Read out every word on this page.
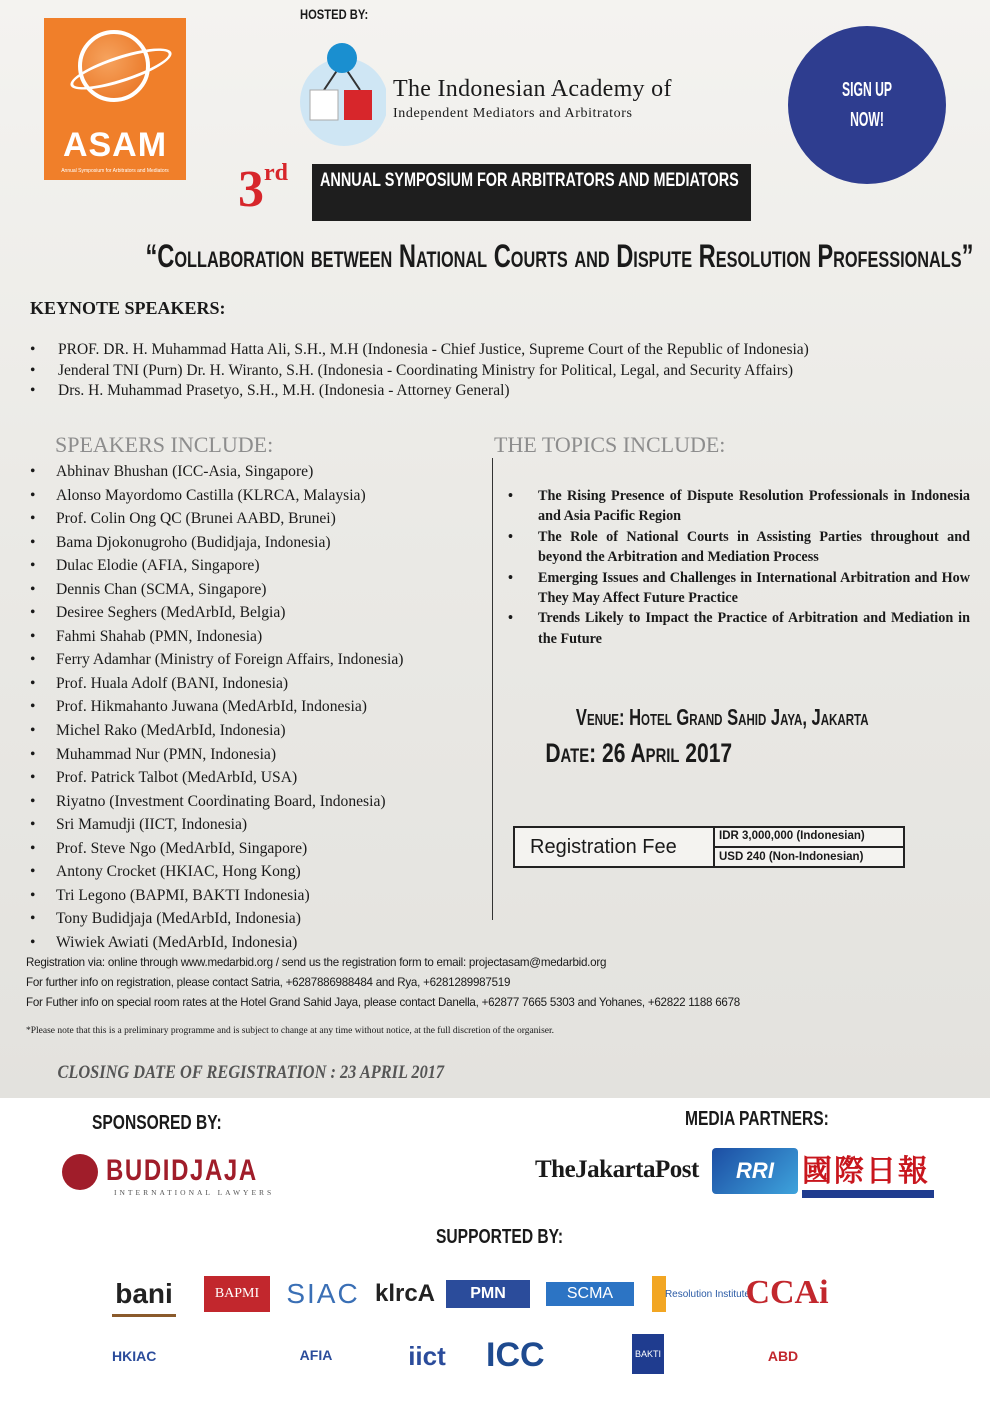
ASAM
Annual Symposium for Arbitrators and Mediators
HOSTED BY:
The Indonesian Academy of
Independent Mediators and Arbitrators
SIGN UP
NOW!
3rd ANNUAL SYMPOSIUM FOR ARBITRATORS AND MEDIATORS
“Collaboration between National Courts and Dispute Resolution Professionals”
KEYNOTE SPEAKERS:
• PROF. DR. H. Muhammad Hatta Ali, S.H., M.H (Indonesia - Chief Justice, Supreme Court of the Republic of Indonesia)
• Jenderal TNI (Purn) Dr. H. Wiranto, S.H. (Indonesia - Coordinating Ministry for Political, Legal, and Security Affairs)
• Drs. H. Muhammad Prasetyo, S.H., M.H. (Indonesia - Attorney General)
SPEAKERS INCLUDE:
• Abhinav Bhushan (ICC-Asia, Singapore)
• Alonso Mayordomo Castilla (KLRCA, Malaysia)
• Prof. Colin Ong QC (Brunei AABD, Brunei)
• Bama Djokonugroho (Budidjaja, Indonesia)
• Dulac Elodie (AFIA, Singapore)
• Dennis Chan (SCMA, Singapore)
• Desiree Seghers (MedArbId, Belgia)
• Fahmi Shahab (PMN, Indonesia)
• Ferry Adamhar (Ministry of Foreign Affairs, Indonesia)
• Prof. Huala Adolf (BANI, Indonesia)
• Prof. Hikmahanto Juwana (MedArbId, Indonesia)
• Michel Rako (MedArbId, Indonesia)
• Muhammad Nur (PMN, Indonesia)
• Prof. Patrick Talbot (MedArbId, USA)
• Riyatno (Investment Coordinating Board, Indonesia)
• Sri Mamudji (IICT, Indonesia)
• Prof. Steve Ngo (MedArbId, Singapore)
• Antony Crocket (HKIAC, Hong Kong)
• Tri Legono (BAPMI, BAKTI Indonesia)
• Tony Budidjaja (MedArbId, Indonesia)
• Wiwiek Awiati (MedArbId, Indonesia)
THE TOPICS INCLUDE:
• The Rising Presence of Dispute Resolution Professionals in Indonesia and Asia Pacific Region
• The Role of National Courts in Assisting Parties throughout and beyond the Arbitration and Mediation Process
• Emerging Issues and Challenges in International Arbitration and How They May Affect Future Practice
• Trends Likely to Impact the Practice of Arbitration and Mediation in the Future
Venue: Hotel Grand Sahid Jaya, Jakarta
Date: 26 April 2017
Registration Fee	IDR 3,000,000 (Indonesian)
USD 240 (Non-Indonesian)
Registration via: online through www.medarbid.org / send us the registration form to email: projectasam@medarbid.org
For further info on registration, please contact Satria, +6287886988484 and Rya, +6281289987519
For Futher info on special room rates at the Hotel Grand Sahid Jaya, please contact Danella, +62877 7665 5303 and Yohanes, +62822 1188 6678
*Please note that this is a preliminary programme and is subject to change at any time without notice, at the full discretion of the organiser.
CLOSING DATE OF REGISTRATION : 23 APRIL 2017
SPONSORED BY:
BUDIDJAJA
INTERNATIONAL LAWYERS
MEDIA PARTNERS:
TheJakartaPost	RRI 國際日報
SUPPORTED BY:
bani	BAPMI SIAC klrcA	PMN	SCMA	Resolution Institute
CCAi
HKIAC	AFIA	iict	ICC	BAKTI	ABD
